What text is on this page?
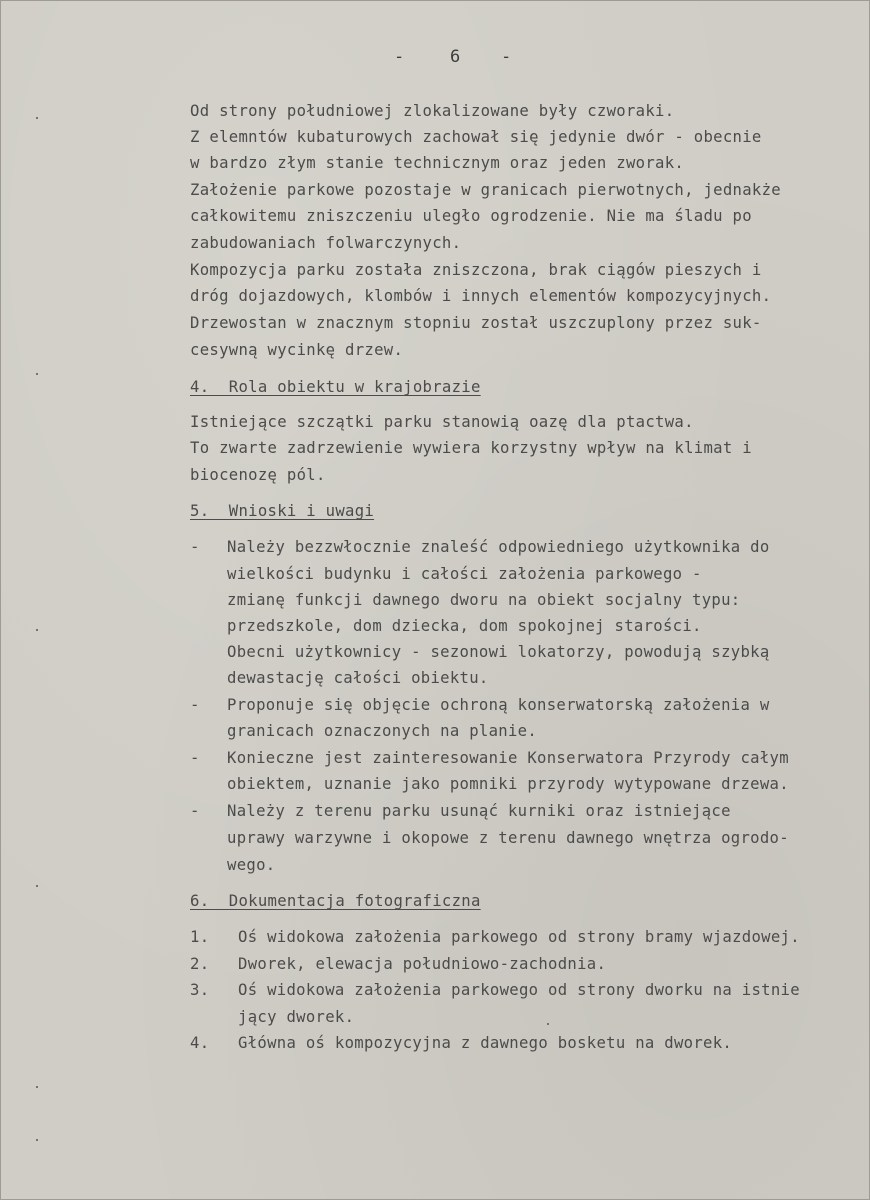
-	6 -
Od strony południowej zlokalizowane były czworaki.
Z elemntów kubaturowych zachował się jedynie dwór - obecnie
w bardzo złym stanie technicznym oraz jeden zworak.
Założenie parkowe pozostaje w granicach pierwotnych, jednakże
całkowitemu zniszczeniu uległo ogrodzenie. Nie ma śladu po
zabudowaniach folwarczynych.
Kompozycja parku została zniszczona, brak ciągów pieszych i
dróg dojazdowych, klombów i innych elementów kompozycyjnych.
Drzewostan w znacznym stopniu został uszczuplony przez suk-
cesywną wycinkę drzew.
4.  Rola obiektu w krajobrazie
Istniejące szczątki parku stanowią oazę dla ptactwa.
To zwarte zadrzewienie wywiera korzystny wpływ na klimat i
biocenozę pól.
5.  Wnioski i uwagi
- Należy bezzwłocznie znaleść odpowiedniego użytkownika do
wielkości budynku i całości założenia parkowego -
zmianę funkcji dawnego dworu na obiekt socjalny typu:
przedszkole, dom dziecka, dom spokojnej starości.
Obecni użytkownicy - sezonowi lokatorzy, powodują szybką
dewastację całości obiektu.
- Proponuje się objęcie ochroną konserwatorską założenia w
granicach oznaczonych na planie.
- Konieczne jest zainteresowanie Konserwatora Przyrody całym
obiektem, uznanie jako pomniki przyrody wytypowane drzewa.
- Należy z terenu parku usunąć kurniki oraz istniejące
uprawy warzywne i okopowe z terenu dawnego wnętrza ogrodo-
wego.
6.  Dokumentacja fotograficzna
1. Oś widokowa założenia parkowego od strony bramy wjazdowej.
2. Dworek, elewacja południowo-zachodnia.
3. Oś widokowa założenia parkowego od strony dworku na istnie
jący dworek.
4. Główna oś kompozycyjna z dawnego bosketu na dworek.
